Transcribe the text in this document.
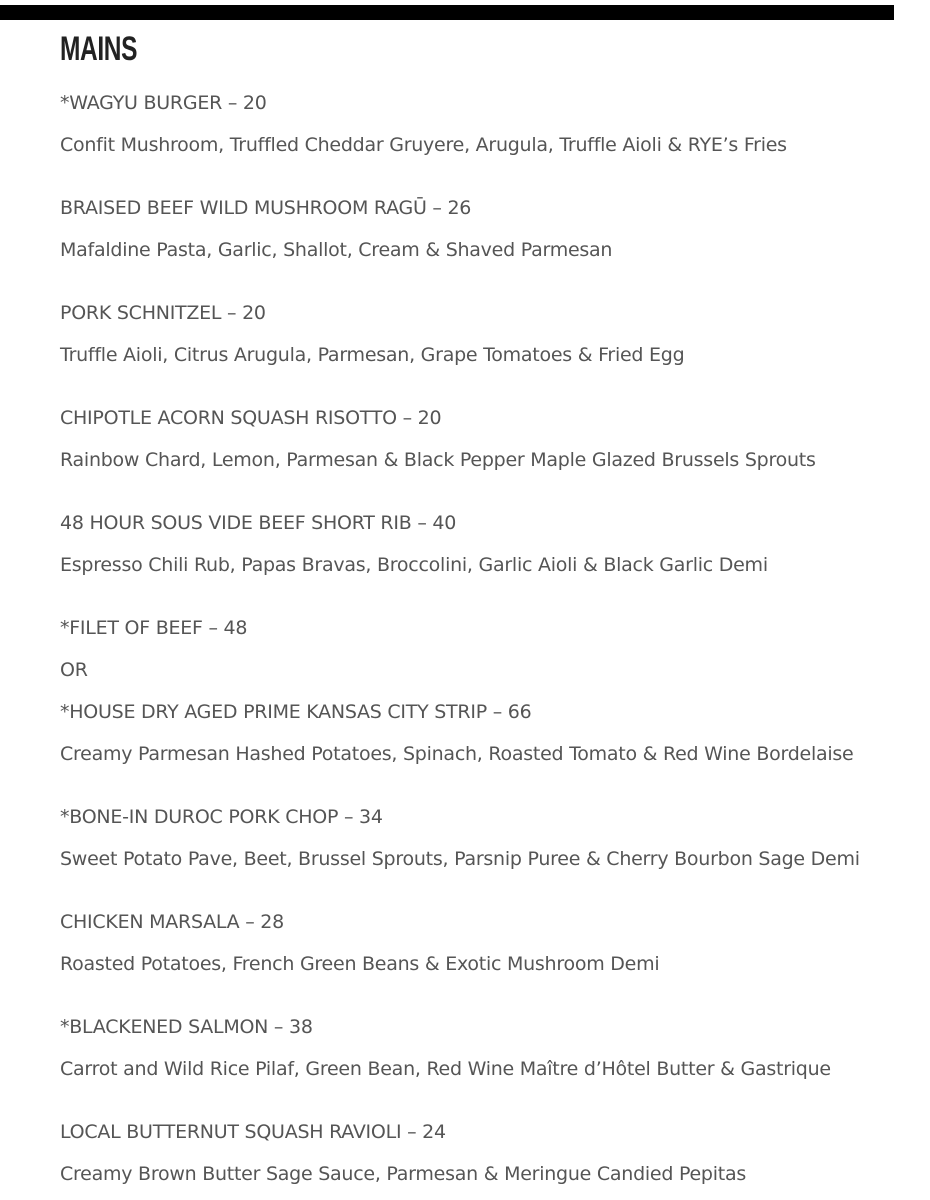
MAINS
*WAGYU BURGER – 20
Confit Mushroom, Truffled Cheddar Gruyere, Arugula, Truffle Aioli & RYE’s Fries
BRAISED BEEF WILD MUSHROOM RAGŪ – 26
Mafaldine Pasta, Garlic, Shallot, Cream & Shaved Parmesan
PORK SCHNITZEL – 20
Truffle Aioli, Citrus Arugula, Parmesan, Grape Tomatoes & Fried Egg
CHIPOTLE ACORN SQUASH RISOTTO – 20
Rainbow Chard, Lemon, Parmesan & Black Pepper Maple Glazed Brussels Sprouts
48 HOUR SOUS VIDE BEEF SHORT RIB – 40
Espresso Chili Rub, Papas Bravas, Broccolini, Garlic Aioli & Black Garlic Demi
*FILET OF BEEF – 48
OR
*HOUSE DRY AGED PRIME KANSAS CITY STRIP – 66
Creamy Parmesan Hashed Potatoes, Spinach, Roasted Tomato & Red Wine Bordelaise
*BONE-IN DUROC PORK CHOP – 34
Sweet Potato Pave, Beet, Brussel Sprouts, Parsnip Puree & Cherry Bourbon Sage Demi
CHICKEN MARSALA – 28
Roasted Potatoes, French Green Beans & Exotic Mushroom Demi
*BLACKENED SALMON – 38
Carrot and Wild Rice Pilaf, Green Bean, Red Wine Maître d’Hôtel Butter & Gastrique
LOCAL BUTTERNUT SQUASH RAVIOLI – 24
Creamy Brown Butter Sage Sauce, Parmesan & Meringue Candied Pepitas
